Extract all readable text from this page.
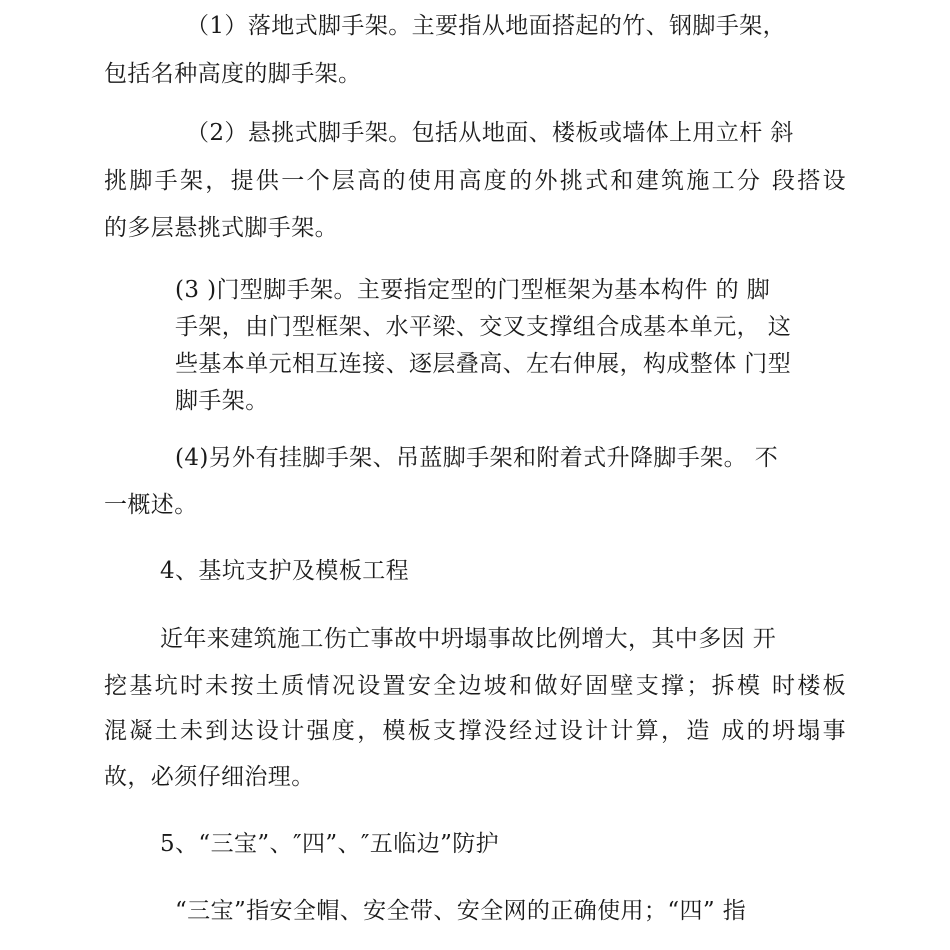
（1）落地式脚手架。主要指从地面搭起的竹、钢脚手架，
包括名种高度的脚手架。
（2）悬挑式脚手架。包括从地面、楼板或墙体上用立杆 斜
挑脚手架，提供一个层高的使用高度的外挑式和建筑施工分 段搭设
的多层悬挑式脚手架。
(3 )门型脚手架。主要指定型的门型框架为基本构件 的 脚
手架，由门型框架、水平梁、交叉支撑组合成基本单元， 这
些基本单元相互连接、逐层叠高、左右伸展，构成整体 门型
脚手架。
(4)另外有挂脚手架、吊蓝脚手架和附着式升降脚手架。 不
一概述。
4、基坑支护及模板工程
近年来建筑施工伤亡事故中坍塌事故比例增大，其中多因 开
挖基坑时未按土质情况设置安全边坡和做好固壁支撑；拆模 时楼板
混凝土未到达设计强度，模板支撑没经过设计计算，造 成的坍塌事
故，必须仔细治理。
5、“三宝”、″四”、″五临边”防护
“三宝”指安全帽、安全带、安全网的正确使用；“四” 指
